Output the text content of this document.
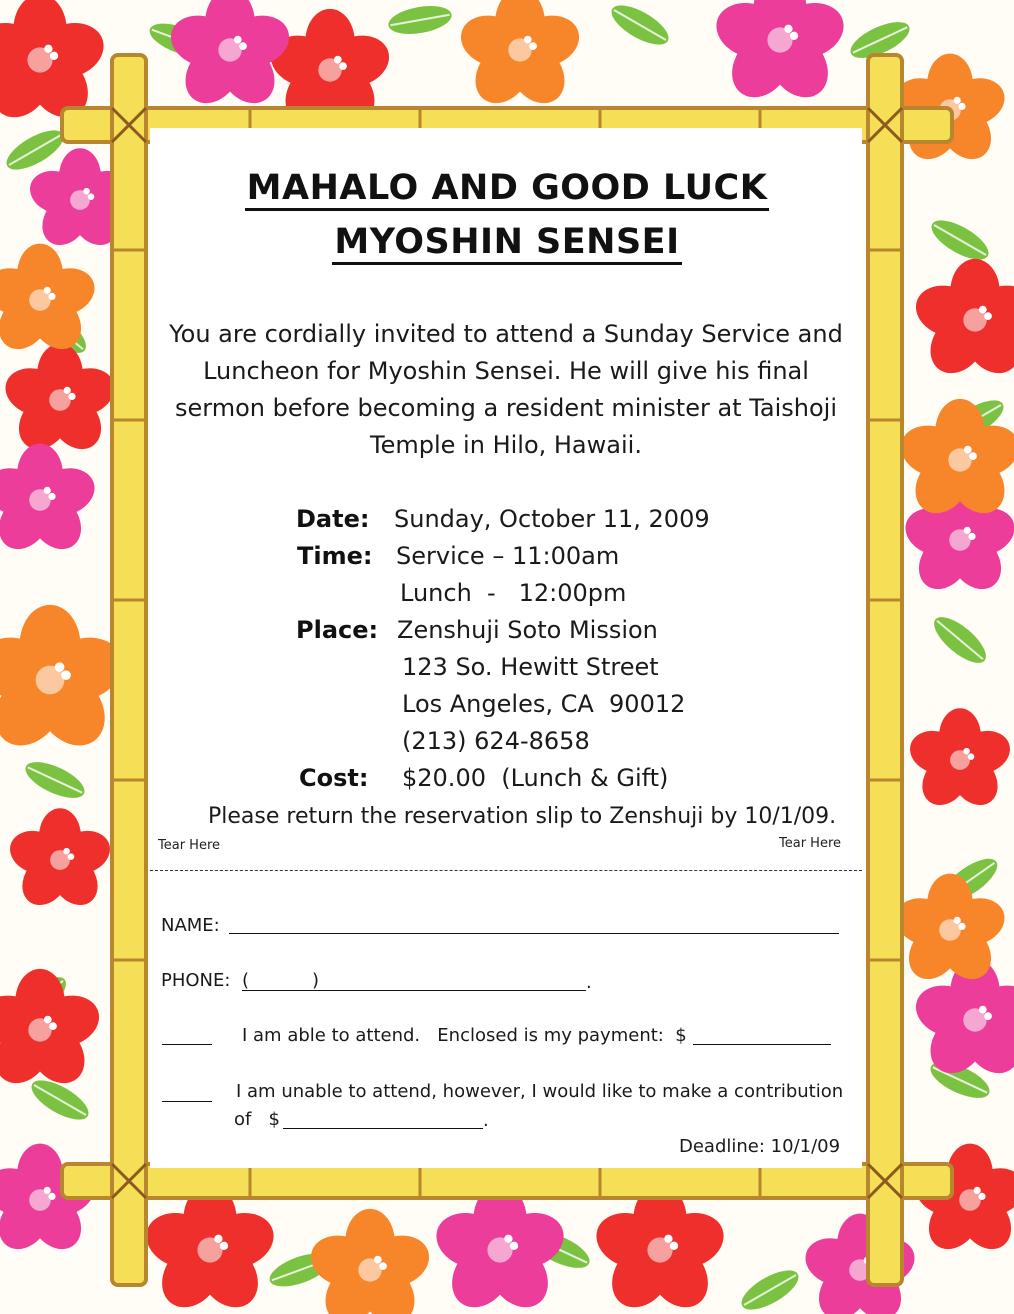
MAHALO AND GOOD LUCK
MYOSHIN SENSEI
You are cordially invited to attend a Sunday Service and
Luncheon for Myoshin Sensei. He will give his final
sermon before becoming a resident minister at Taishoji
Temple in Hilo, Hawaii.
Date: Sunday, October 11, 2009
Time: Service – 11:00am
Lunch  -   12:00pm
Place: Zenshuji Soto Mission
123 So. Hewitt Street
Los Angeles, CA  90012
(213) 624-8658
Cost: $20.00  (Lunch & Gift)
Please return the reservation slip to Zenshuji by 10/1/09.
Tear Here	Tear Here
NAME:
PHONE: (	)	.
I am able to attend.   Enclosed is my payment:  $
I am unable to attend, however, I would like to make a contribution
of   $	.
Deadline: 10/1/09
